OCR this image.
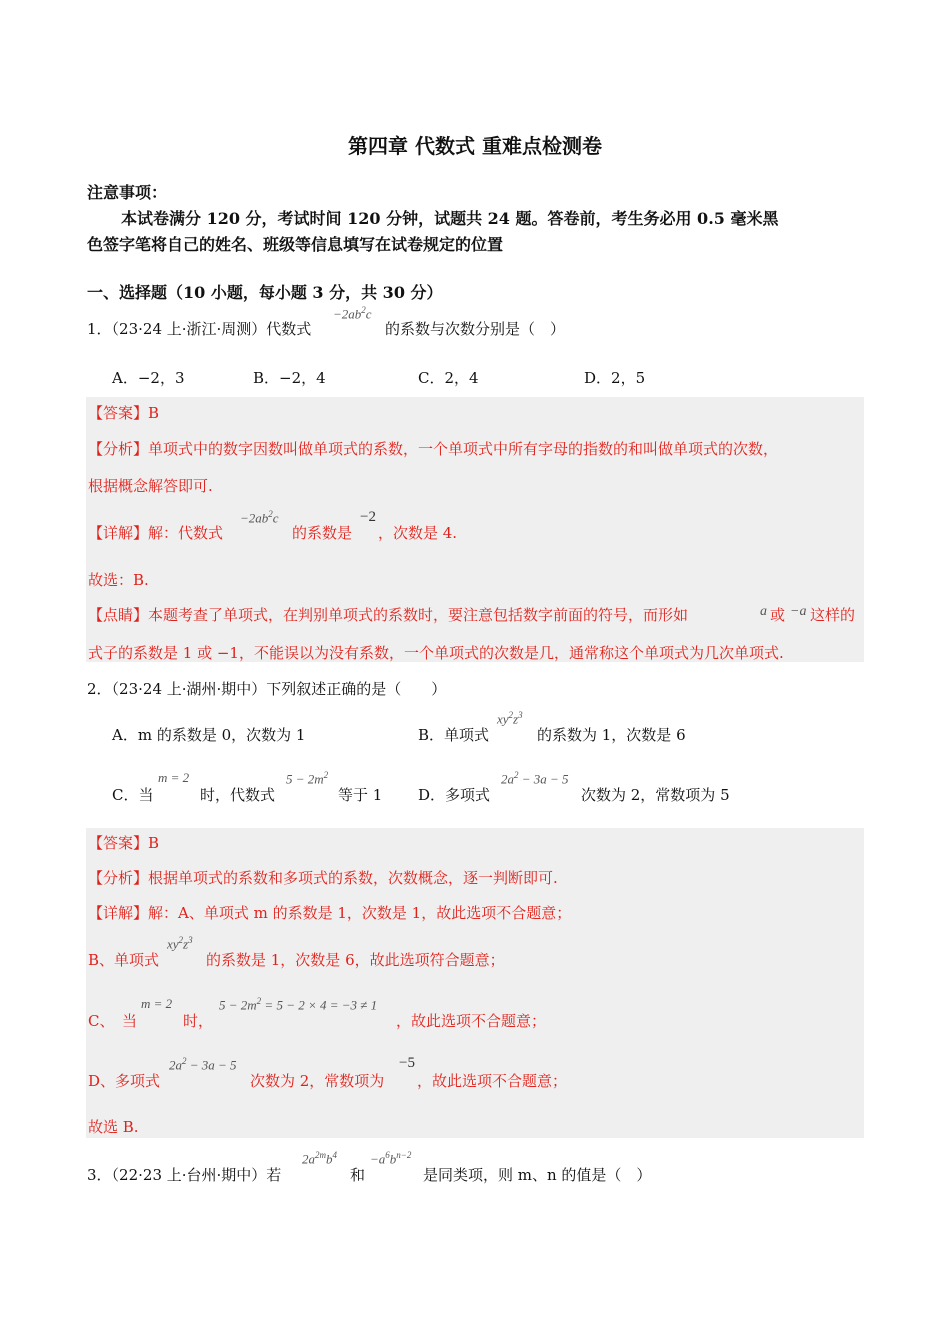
第四章 代数式 重难点检测卷
注意事项：
本试卷满分 120 分，考试时间 120 分钟，试题共 24 题。答卷前，考生务必用 0.5 毫米黑
色签字笔将自己的姓名、班级等信息填写在试卷规定的位置
一、选择题（10 小题，每小题 3 分，共 30 分）
1．（23·24 上·浙江·周测）代数式
$-2ab^2c$
的系数与次数分别是（　）
A．−2，3	B．−2，4	C．2，4	D．2，5
【答案】B
【分析】单项式中的数字因数叫做单项式的系数，一个单项式中所有字母的指数的和叫做单项式的次数，
根据概念解答即可.
【详解】解：代数式
$-2ab^2c$
的系数是
−2
，次数是 4.
故选：B.
【点睛】本题考查了单项式，在判别单项式的系数时，要注意包括数字前面的符号，而形如	a 或 −a 这样的
式子的系数是 1 或 −1，不能误以为没有系数，一个单项式的次数是几，通常称这个单项式为几次单项式.
2．（23·24 上·湖州·期中）下列叙述正确的是（　　）
A．m 的系数是 0，次数为 1	B．单项式
$xy^2z^3$
的系数为 1，次数是 6
C．当
m = 2
时，代数式
$5 - 2m^2$
等于 1 D．多项式
$2a^2 - 3a - 5$
次数为 2，常数项为 5
【答案】B
【分析】根据单项式的系数和多项式的系数，次数概念，逐一判断即可.
【详解】解：A、单项式 m 的系数是 1，次数是 1，故此选项不合题意；
B、单项式
$xy^2z^3$
的系数是 1，次数是 6，故此选项符合题意；
C、　当
m = 2
时，
$5 - 2m^2 = 5 - 2 \times 4 = -3 \ne 1$
，故此选项不合题意；
D、多项式
$2a^2 - 3a - 5$
次数为 2，常数项为
−5
，故此选项不合题意；
故选 B.
3．（22·23 上·台州·期中）若
$2a^{2m}b^4$
和
$-a^6b^{n-2}$
是同类项，则 m、n 的值是（　）
